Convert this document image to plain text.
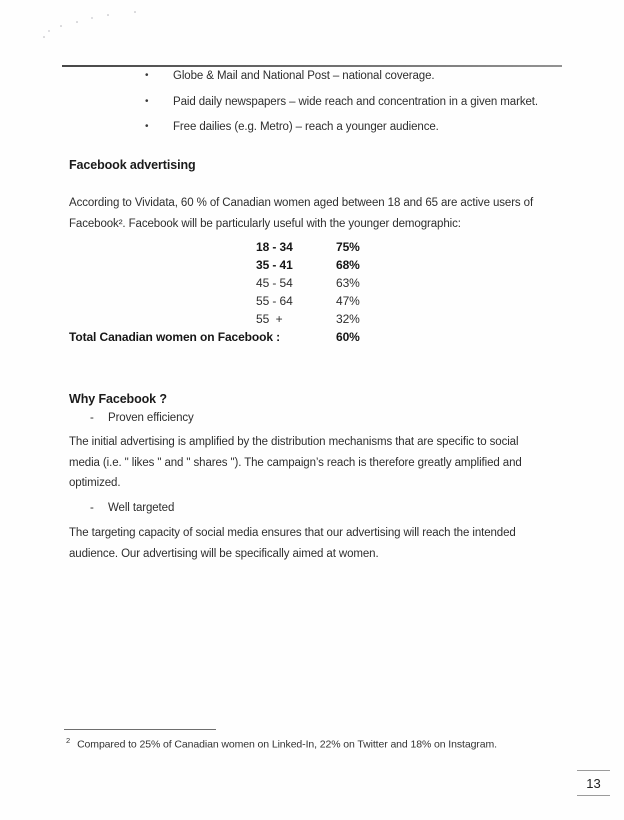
•	Globe & Mail and National Post – national coverage.
•	Paid daily newspapers – wide reach and concentration in a given market.
•	Free dailies (e.g. Metro) – reach a younger audience.
Facebook advertising
According to Vividata, 60 % of Canadian women aged between 18 and 65 are active users of
Facebook². Facebook will be particularly useful with the younger demographic:
18 - 34	75%
35 - 41	68%
45 - 54	63%
55 - 64	47%
55  +	32%
Total Canadian women on Facebook :	60%
Why Facebook ?
-	Proven efficiency
The initial advertising is amplified by the distribution mechanisms that are specific to social
media (i.e. " likes " and " shares "). The campaign’s reach is therefore greatly amplified and
optimized.
-	Well targeted
The targeting capacity of social media ensures that our advertising will reach the intended
audience. Our advertising will be specifically aimed at women.
$^2$ Compared to 25% of Canadian women on Linked-In, 22% on Twitter and 18% on Instagram.
13
